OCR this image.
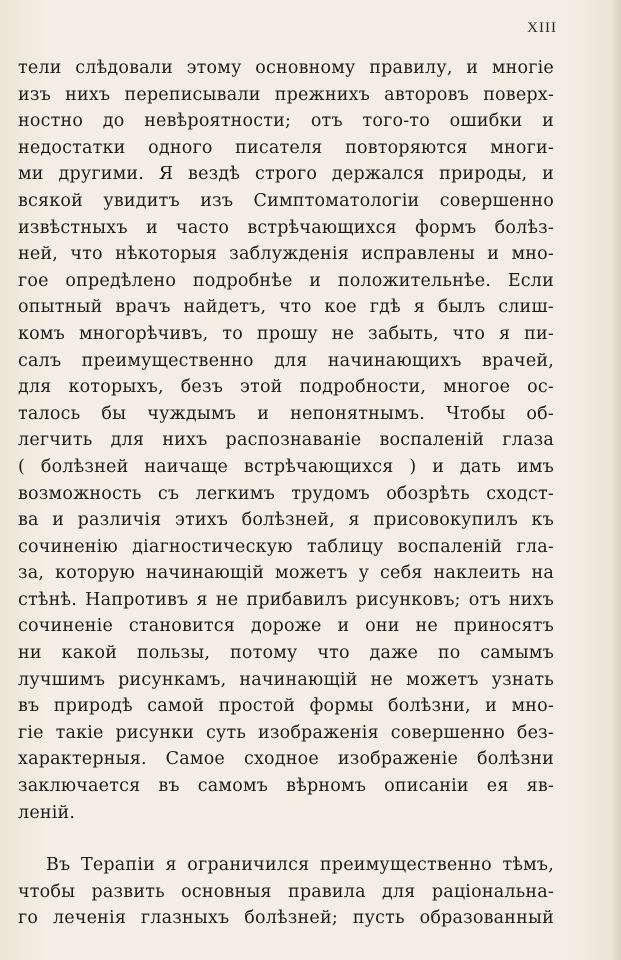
XIII
тели слѣдовали этому основному правилу, и многіе
изъ нихъ переписывали прежнихъ авторовъ поверх-
ностно до невѣроятности; отъ того-то ошибки и
недостатки одного писателя повторяются многи-
ми другими. Я вездѣ строго держался природы, и
всякой увидитъ изъ Симптоматологіи совершенно
извѣстныхъ и часто встрѣчающихся формъ болѣз-
ней, что нѣкоторыя заблужденія исправлены и мно-
гое опредѣлено подробнѣе и положительнѣе. Если
опытный врачъ найдетъ, что кое гдѣ я былъ слиш-
комъ многорѣчивъ, то прошу не забыть, что я пи-
салъ преимущественно для начинающихъ врачей,
для которыхъ, безъ этой подробности, многое ос-
талось бы чуждымъ и непонятнымъ. Чтобы об-
легчить для нихъ распознаваніе воспаленій глаза
( болѣзней наичаще встрѣчающихся ) и дать имъ
возможность съ легкимъ трудомъ обозрѣть сходст-
ва и различія этихъ болѣзней, я присовокупилъ къ
сочиненію діагностическую таблицу воспаленій гла-
за, которую начинающій можетъ у себя наклеить на
стѣнѣ. Напротивъ я не прибавилъ рисунковъ; отъ нихъ
сочиненіе становится дороже и они не приносятъ
ни какой пользы, потому что даже по самымъ
лучшимъ рисункамъ, начинающій не можетъ узнать
въ природѣ самой простой формы болѣзни, и мно-
гіе такіе рисунки суть изображенія совершенно без-
характерныя. Самое сходное изображеніе болѣзни
заключается въ самомъ вѣрномъ описаніи ея яв-
леній.
Въ Терапіи я ограничился преимущественно тѣмъ,
чтобы развить основныя правила для раціональна-
го леченія глазныхъ болѣзней; пусть образованный
